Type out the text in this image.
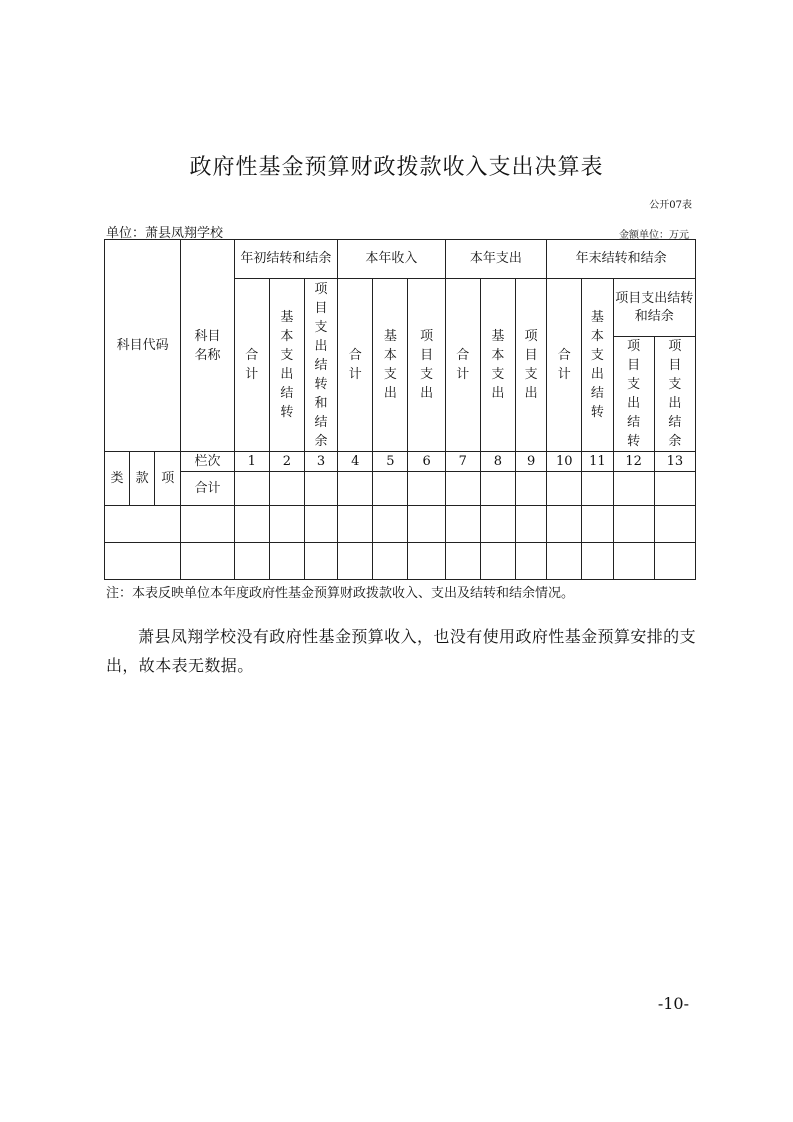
政府性基金预算财政拨款收入支出决算表
公开07表
单位：萧县凤翔学校	金额单位：万元
科目代码			科目名称	年初结转和结余			本年收入			本年支出			年末结转和结余			
				合计	基本支出结转	项目支出结转和结余	合计	基本支出	项目支出	合计	基本支出	项目支出	合计	基本支出结转	项目支出结转和结余	
															项目支出结转	项目支出结余

类	款	项	栏次	1	2	3	4	5	6	7	8	9	10	11	12	13
			合计													

注：本表反映单位本年度政府性基金预算财政拨款收入、支出及结转和结余情况。
萧县凤翔学校没有政府性基金预算收入，也没有使用政府性基金预算安排的支出，故本表无数据。
-10-
